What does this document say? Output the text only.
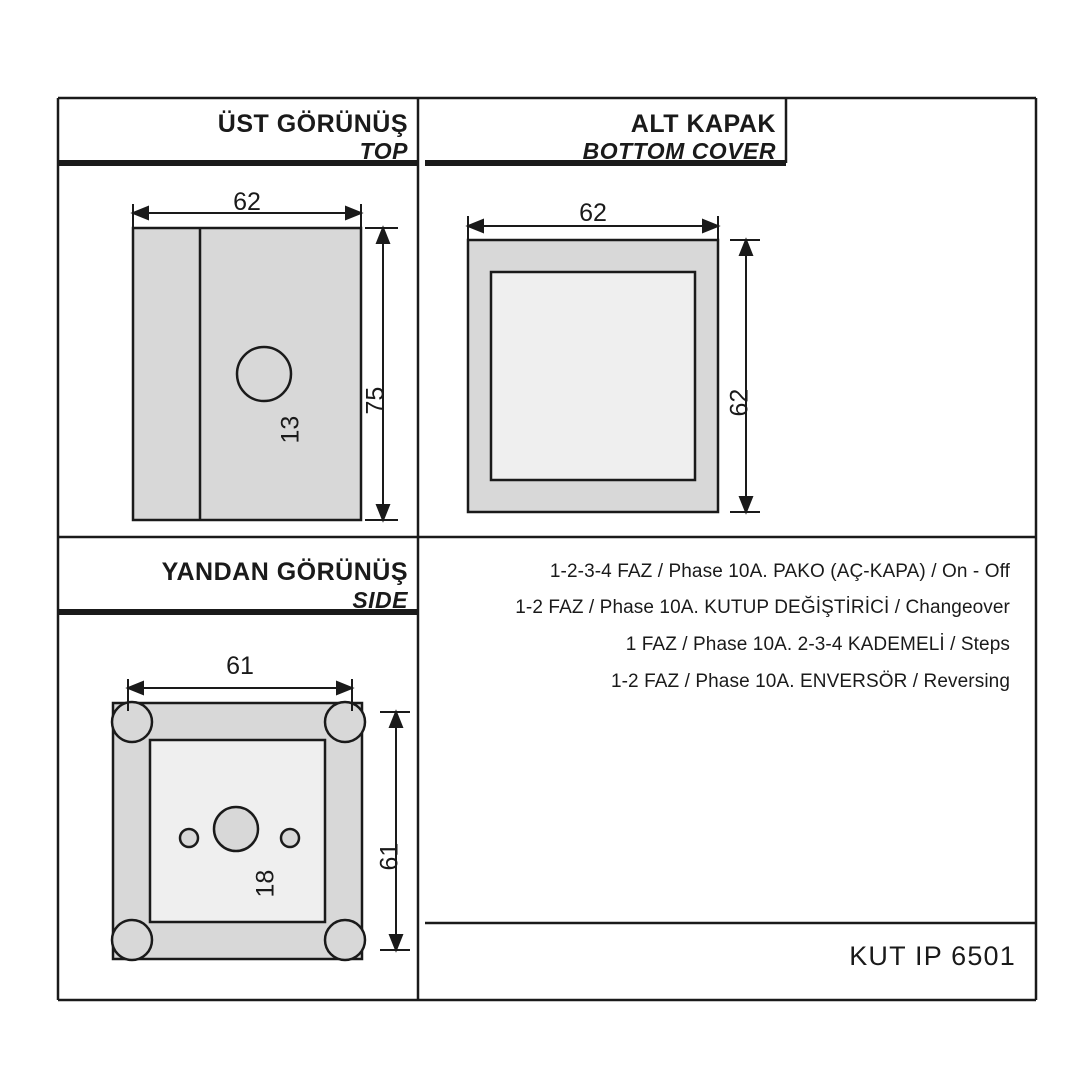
ÜST GÖRÜNÜŞ
TOP
ALT KAPAK
BOTTOM COVER
YANDAN GÖRÜNÜŞ
SIDE
62
75
13
62
62
61
61
18
1-2-3-4 FAZ / Phase 10A. PAKO (AÇ-KAPA) / On - Off
1-2 FAZ / Phase 10A. KUTUP DEĞİŞTİRİCİ / Changeover
1 FAZ / Phase 10A. 2-3-4 KADEMELİ / Steps
1-2 FAZ / Phase 10A. ENVERSÖR / Reversing
KUT IP 6501
